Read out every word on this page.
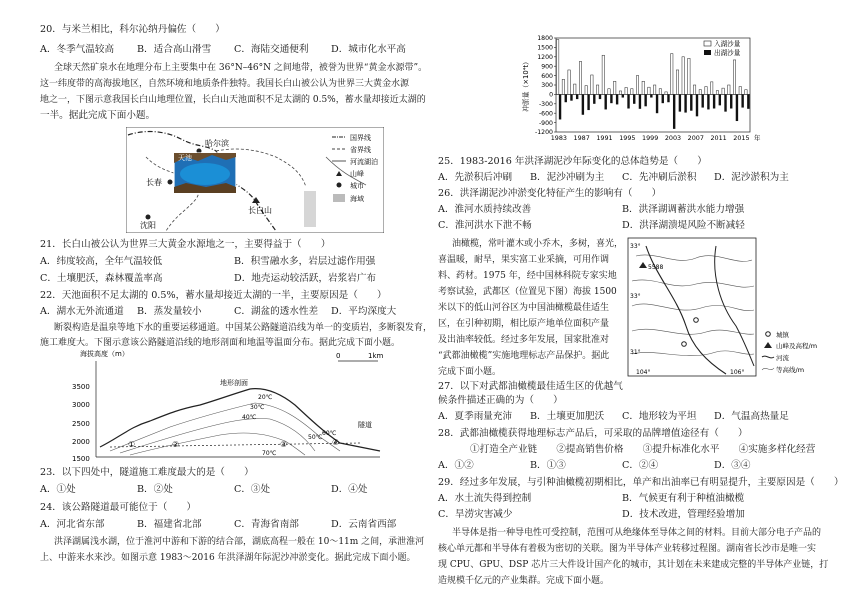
20．与米兰相比，科尔沁纳丹偏佐（　　）
A．冬季气温较高 B．适合高山滑雪 C．海陆交通便利 D．城市化水平高
全球天然矿泉水在地理分布上主要集中在 36°N–46°N 之间地带，被誉为世界“黄金水源带”。
这一纬度带的高海拔地区，自然环境和地质条件独特。我国长白山被公认为世界三大黄金水源
地之一，下图示意我国长白山地理位置，长白山天池面积不足太湖的 0.5%，蓄水量却接近太湖的
一半。据此完成下面小题。
哈尔滨
长春
沈阳
天池
长白山
国界线
省界线
河流湖泊
山峰
城市
海域
21．长白山被公认为世界三大黄金水源地之一，主要得益于（　　）
A．纬度较高，全年气温较低	B．积雪融水多，岩层过滤作用强
C．土壤肥沃，森林覆盖率高	D．地壳运动较活跃，岩浆岩广布
22．天池面积不足太湖的 0.5%，蓄水量却接近太湖的一半，主要原因是（　　）
A．湖水无外流通道 B．蒸发量较小	C．湖盆的透水性差 D．平均深度大
断裂构造是温泉等地下水的重要运移通道。中国某公路隧道沿线为单一的变质岩，多断裂发育，
施工难度大。下图示意该公路隧道沿线的地形剖面和地温等温面分布。据此完成下面小题。
海拔高度（m）
3500
3000
2500
2000
1500
地形剖面
隧道
20℃
30℃
40℃
50℃
60℃
70℃
①	②	③	④
0	1km
23．以下四处中，隧道施工难度最大的是（　　）
A．①处	B．②处	C．③处	D．④处
24．该公路隧道最可能位于（　　）
A．河北省东部	B．福建省北部	C．青海省南部	D．云南省西部
洪泽湖属浅水湖，位于淮河中游和下游的结合部，湖底高程一般在 10～11m 之间，承泄淮河
上、中游来水来沙。如图示意 1983～2016 年洪泽湖年际泥沙冲淤变化。据此完成下面小题。
-1200
-900
-600
-300
0
300
600
900
1200
1500
1800
1983 1987 1991 1995 1999 2003 2007 2011 2015 年
冲淤量（×10⁴t）
入湖沙量
出湖沙量
25．1983-2016 年洪泽湖泥沙年际变化的总体趋势是（　　）
A．先淤积后冲刷 B．泥沙冲刷为主 C．先冲刷后淤积 D．泥沙淤积为主
26．洪泽湖泥沙冲淤变化特征产生的影响有（　　）
A．淮河水质持续改善	B．洪泽湖调蓄洪水能力增强
C．淮河洪水下泄不畅	D．洪泽湖溃堤风险不断减轻
油橄榄，常叶灌木或小乔木，多树，喜光，
喜温暖，耐旱，果实富工业采摘，可用作调
料、药材。1975 年，经中国林科院专家实地
考察试验，武都区（位置见下图）海拔 1500
米以下的低山河谷区为中国油橄榄最佳适生
区，在引种初期，相比原产地单位面积产量
及出油率较低。经过多年发展，国家批准对
“武都油橄榄”实施地理标志产品保护。据此
完成下面小题。
5588
33°
33°
31°
104°	106°
城镇
山峰及高程/m
河流
等高线/m
27．以下对武都油橄榄最佳适生区的优越气
候条件描述正确的为（　　）
A．夏季雨量充沛 B．土壤更加肥沃 C．地形较为平坦 D．气温高热量足
28．武都油橄榄获得地理标志产品后，可采取的品牌增值途径有（　　）
①打造全产业链　　②提高销售价格　　③提升标准化水平　　④实施多样化经营
A．①②	B．①③	C．②④	D．③④
29．经过多年发展，与引种油橄榄初期相比，单产和出油率已有明显提升，主要原因是（　　）
A．水土流失得到控制	B．气候更有利于种植油橄榄
C．旱涝灾害减少	D．技术改进，管理经验增加
半导体是指一种导电性可受控制，范围可从绝缘体至导体之间的材料。目前大部分电子产品的
核心单元都和半导体有着极为密切的关联。图为半导体产业转移过程图。湖南省长沙市是唯一实
现 CPU、GPU、DSP 芯片三大件设计国产化的城市，其计划在未来建成完整的半导体产业链，打
造规模千亿元的产业集群。完成下面小题。
